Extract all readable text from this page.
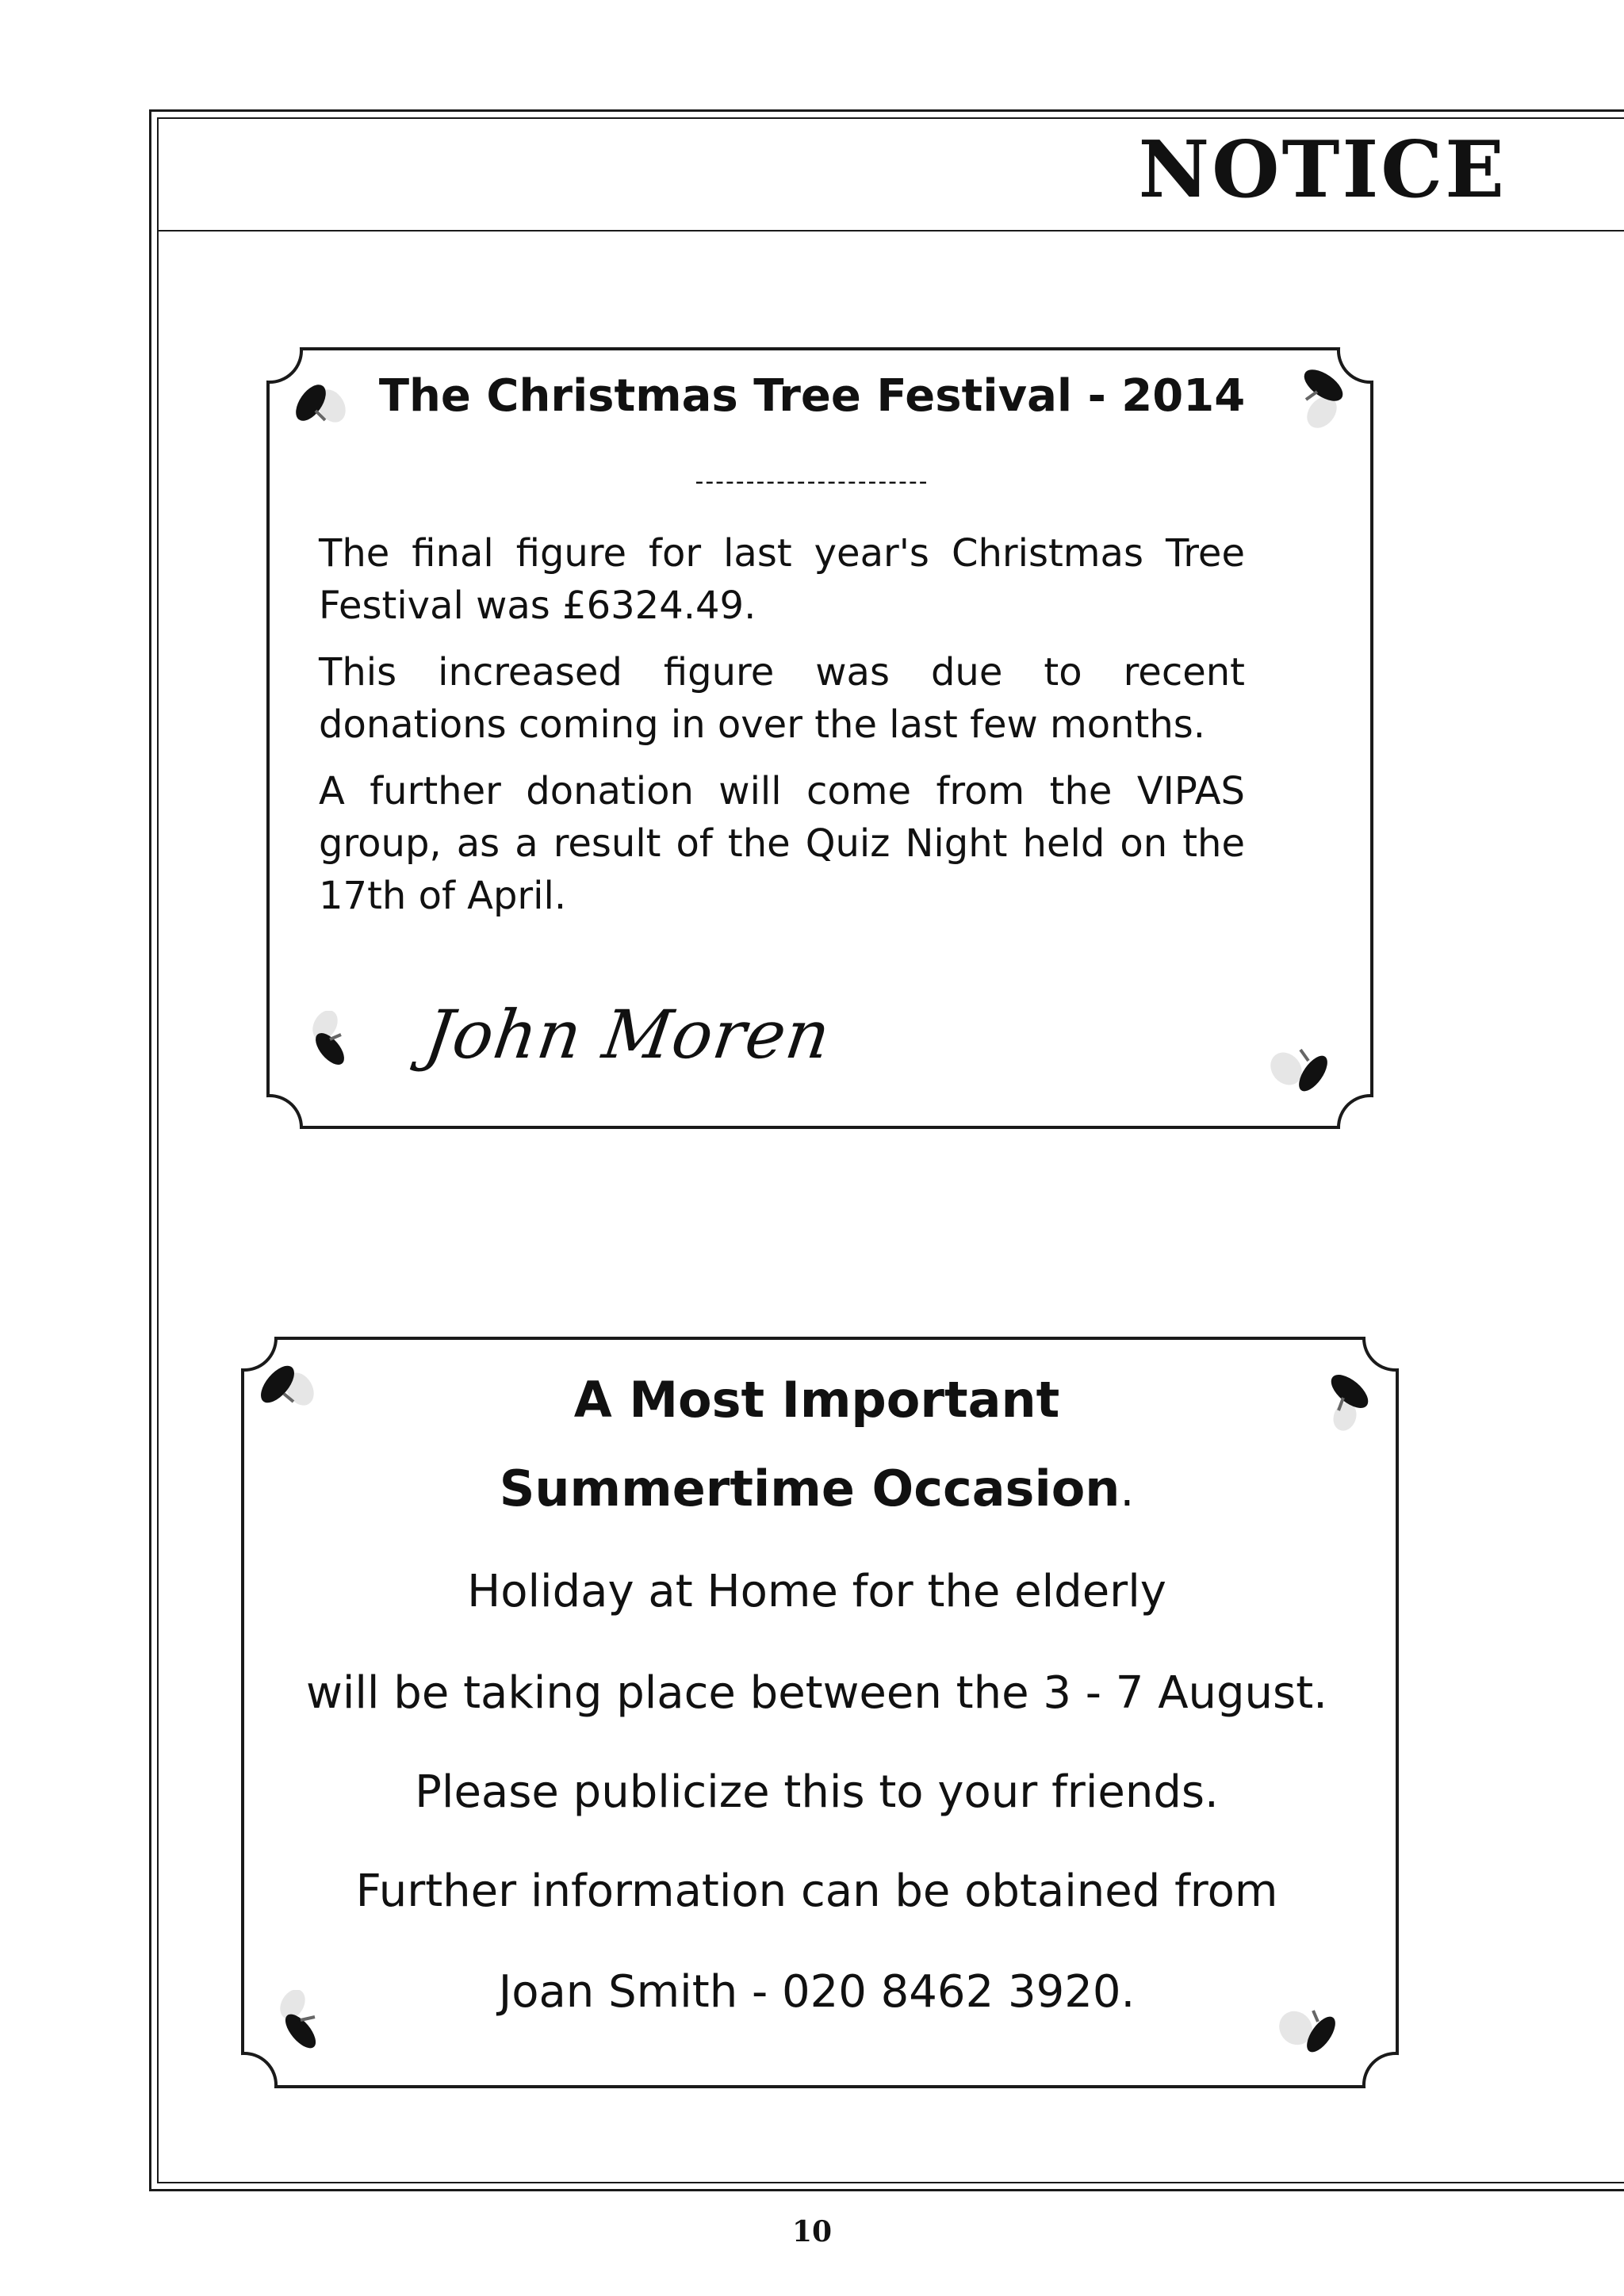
NOTICE
The Christmas Tree Festival - 2014
-----------------------
The final figure for last year's Christmas Tree Festival was £6324.49.
This increased figure was due to recent donations coming in over the last few months.
A further donation will come from the VIPAS group, as a result of the Quiz Night held on the 17th of April.
John Moren
A Most Important
Summertime Occasion.
Holiday at Home for the elderly
will be taking place between the 3 - 7 August.
Please publicize this to your friends.
Further information can be obtained from
Joan Smith - 020 8462 3920.
10
